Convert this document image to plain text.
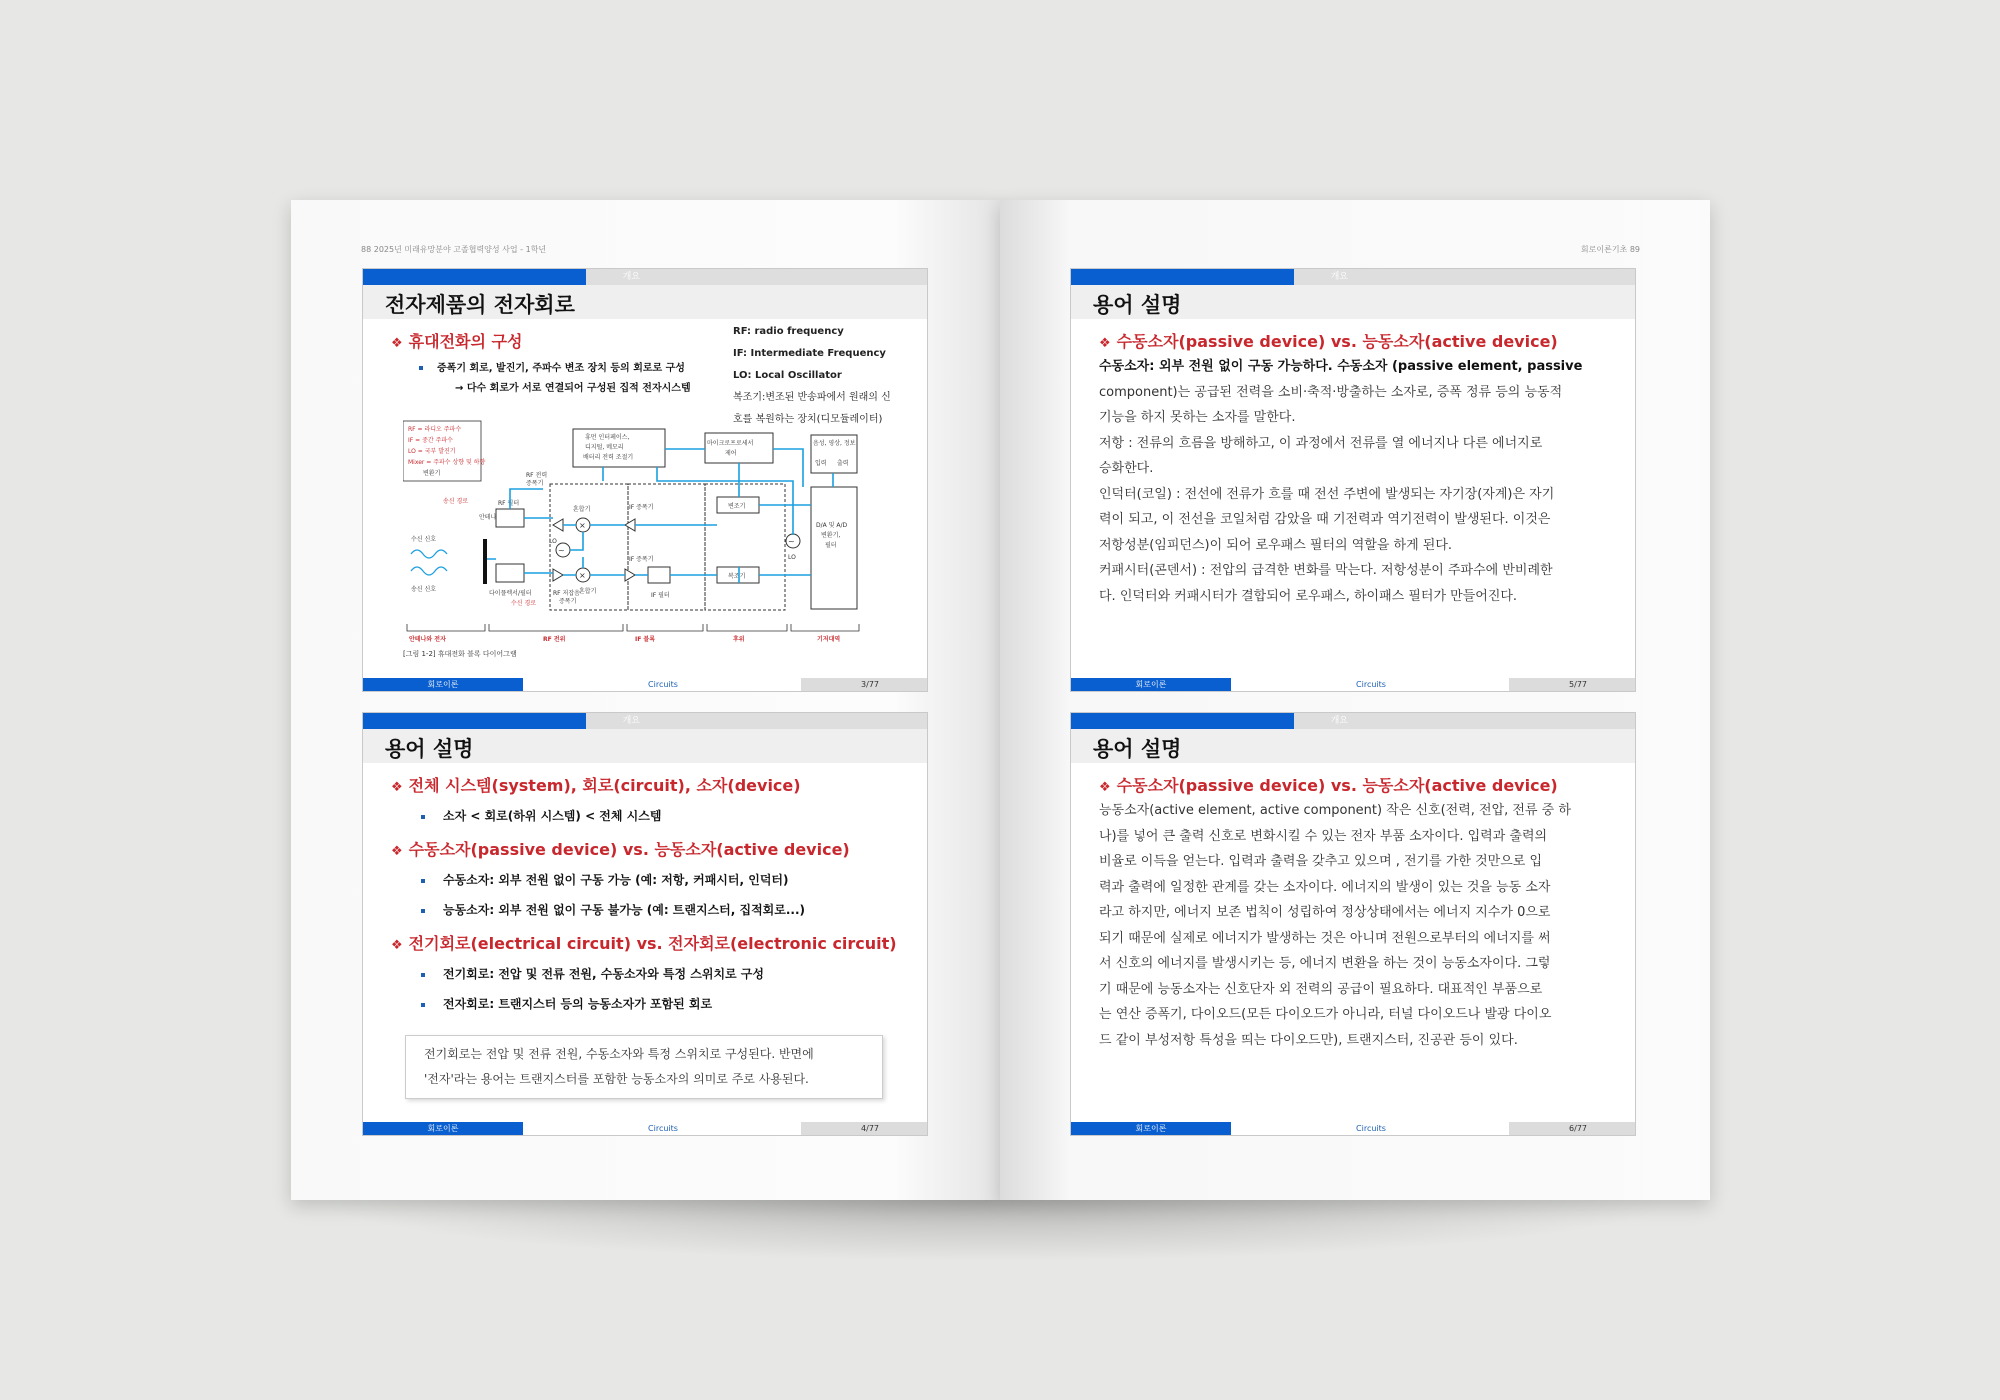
88 2025년 미래유망분야 고졸협력양성 사업 - 1학년
개요
전자제품의 전자회로
❖ 휴대전화의 구성
증폭기 회로, 발진기, 주파수 변조 장치 등의 회로로 구성
→ 다수 회로가 서로 연결되어 구성된 집적 전자시스템
RF: radio frequency
IF: Intermediate Frequency
LO: Local Oscillator
복조기:변조된 반송파에서 원래의 신
호를 복원하는 장치(디모듈레이터)
RF = 라디오 주파수
IF = 중간 주파수
LO = 국부 발진기
Mixer = 주파수 상향 및 하향
변환기
휴먼 인터페이스,
디지털, 메모리
배터리 전력 조절기
마이크로프로세서
제어
음성, 영상, 정보
입력 출력
변조기
복조기
D/A 및 A/D
변환기,
필터
~
LO
RF 필터
다이플렉서/필터
안테나
송신 경로
수신 신호
송신 신호
수신 경로
RF 전력
증폭기
×
혼합기	IF 증폭기
RF 저잡음
증폭기
×
혼합기
IF 증폭기
IF 필터
~
LO
안테나와 전자	RF 전위	IF 블록	후위	기저대역
[그림 1-2] 휴대전화 블록 다이어그램
회로이론	Circuits	3/77
개요
용어 설명
❖ 전체 시스템(system), 회로(circuit), 소자(device)
소자 < 회로(하위 시스템) < 전체 시스템
❖ 수동소자(passive device) vs. 능동소자(active device)
수동소자: 외부 전원 없이 구동 가능 (예: 저항, 커패시터, 인덕터)
능동소자: 외부 전원 없이 구동 불가능 (예: 트랜지스터, 집적회로...)
❖ 전기회로(electrical circuit) vs. 전자회로(electronic circuit)
전기회로: 전압 및 전류 전원, 수동소자와 특정 스위치로 구성
전자회로: 트랜지스터 등의 능동소자가 포함된 회로
전기회로는 전압 및 전류 전원, 수동소자와 특정 스위치로 구성된다. 반면에
'전자'라는 용어는 트랜지스터를 포함한 능동소자의 의미로 주로 사용된다.
회로이론	Circuits	4/77
회로이론기초 89
개요
용어 설명
❖ 수동소자(passive device) vs. 능동소자(active device)
수동소자: 외부 전원 없이 구동 가능하다. 수동소자 (passive element, passive
component)는 공급된 전력을 소비·축적·방출하는 소자로, 증폭 정류 등의 능동적
기능을 하지 못하는 소자를 말한다.
저항 : 전류의 흐름을 방해하고, 이 과정에서 전류를 열 에너지나 다른 에너지로
승화한다.
인덕터(코일) : 전선에 전류가 흐를 때 전선 주변에 발생되는 자기장(자계)은 자기
력이 되고, 이 전선을 코일처럼 감았을 때 기전력과 역기전력이 발생된다. 이것은
저항성분(임피던스)이 되어 로우패스 필터의 역할을 하게 된다.
커패시터(콘덴서) : 전압의 급격한 변화를 막는다. 저항성분이 주파수에 반비례한
다. 인덕터와 커패시터가 결합되어 로우패스, 하이패스 필터가 만들어진다.
회로이론	Circuits	5/77
개요
용어 설명
❖ 수동소자(passive device) vs. 능동소자(active device)
능동소자(active element, active component) 작은 신호(전력, 전압, 전류 중 하
나)를 넣어 큰 출력 신호로 변화시킬 수 있는 전자 부품 소자이다. 입력과 출력의
비율로 이득을 얻는다. 입력과 출력을 갖추고 있으며 , 전기를 가한 것만으로 입
력과 출력에 일정한 관계를 갖는 소자이다. 에너지의 발생이 있는 것을 능동 소자
라고 하지만, 에너지 보존 법칙이 성립하여 정상상태에서는 에너지 지수가 0으로
되기 때문에 실제로 에너지가 발생하는 것은 아니며 전원으로부터의 에너지를 써
서 신호의 에너지를 발생시키는 등, 에너지 변환을 하는 것이 능동소자이다. 그렇
기 때문에 능동소자는 신호단자 외 전력의 공급이 필요하다. 대표적인 부품으로
는 연산 증폭기, 다이오드(모든 다이오드가 아니라, 터널 다이오드나 발광 다이오
드 같이 부성저항 특성을 띄는 다이오드만), 트랜지스터, 진공관 등이 있다.
회로이론	Circuits	6/77
